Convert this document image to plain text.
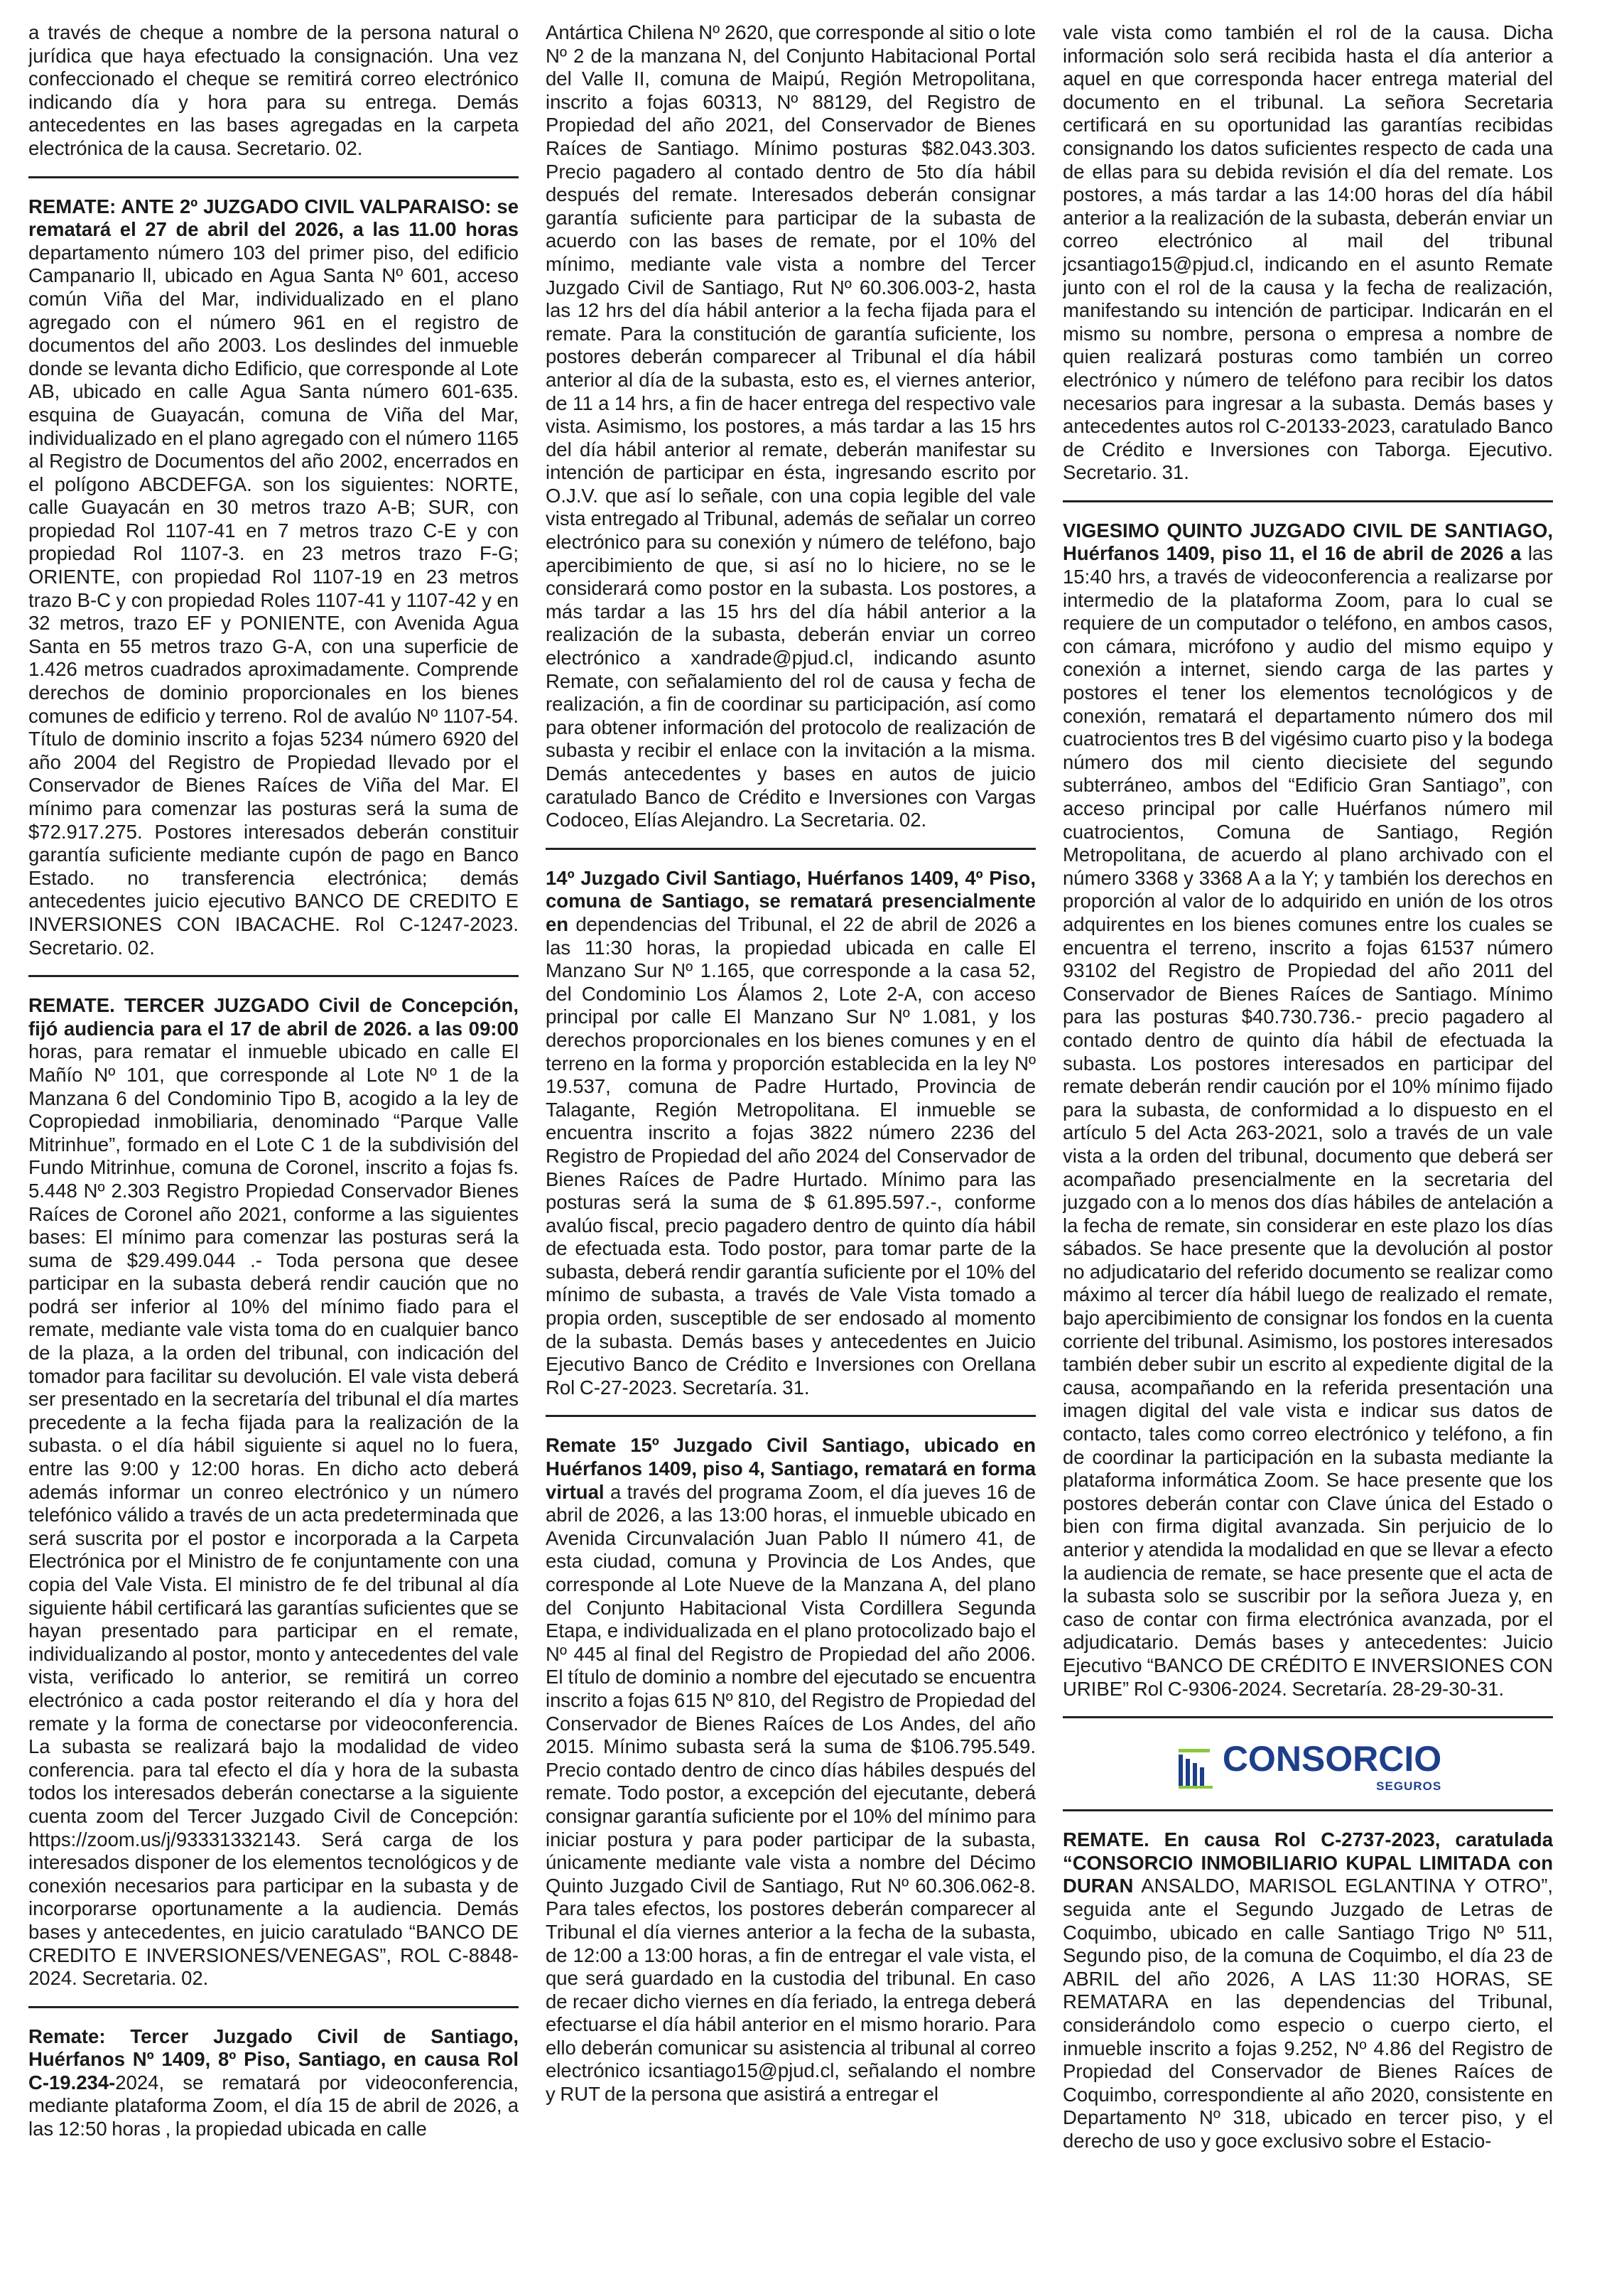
a través de cheque a nombre de la persona natural o jurídica que haya efectuado la consignación. Una vez confeccionado el cheque se remitirá correo electrónico indicando día y hora para su entrega. Demás antecedentes en las bases agregadas en la carpeta electrónica de la causa. Secretario. 02.

REMATE: ANTE 2º JUZGADO CIVIL VALPARAISO: se rematará el 27 de abril del 2026, a las 11.00 horas departamento número 103 del primer piso, del edificio Campanario ll, ubicado en Agua Santa Nº 601, acceso común Viña del Mar, individualizado en el plano agregado con el número 961 en el registro de documentos del año 2003. Los deslindes del inmueble donde se levanta dicho Edificio, que corresponde al Lote AB, ubicado en calle Agua Santa número 601-635. esquina de Guayacán, comuna de Viña del Mar, individualizado en el plano agregado con el número 1165 al Registro de Documentos del año 2002, encerrados en el polígono ABCDEFGA. son los siguientes: NORTE, calle Guayacán en 30 metros trazo A-B; SUR, con propiedad Rol 1107-41 en 7 metros trazo C-E y con propiedad Rol 1107-3. en 23 metros trazo F-G; ORIENTE, con propiedad Rol 1107-19 en 23 metros trazo B-C y con propiedad Roles 1107-41 y 1107-42 y en 32 metros, trazo EF y PONIENTE, con Avenida Agua Santa en 55 metros trazo G-A, con una superficie de 1.426 metros cuadrados aproximadamente. Comprende derechos de dominio proporcionales en los bienes comunes de edificio y terreno. Rol de avalúo Nº 1107-54. Título de dominio inscrito a fojas 5234 número 6920 del año 2004 del Registro de Propiedad llevado por el Conservador de Bienes Raíces de Viña del Mar. El mínimo para comenzar las posturas será la suma de $72.917.275. Postores interesados deberán constituir garantía suficiente mediante cupón de pago en Banco Estado. no transferencia electrónica; demás antecedentes juicio ejecutivo BANCO DE CREDITO E INVERSIONES CON IBACACHE. Rol C-1247-2023. Secretario. 02.

REMATE. TERCER JUZGADO Civil de Concepción, fijó audiencia para el 17 de abril de 2026. a las 09:00 horas, para rematar el inmueble ubicado en calle El Mañío Nº 101, que corresponde al Lote Nº 1 de la Manzana 6 del Condominio Tipo B, acogido a la ley de Copropiedad inmobiliaria, denominado “Parque Valle Mitrinhue”, formado en el Lote C 1 de la subdivisión del Fundo Mitrinhue, comuna de Coronel, inscrito a fojas fs. 5.448 Nº 2.303 Registro Propiedad Conservador Bienes Raíces de Coronel año 2021, conforme a las siguientes bases: El mínimo para comenzar las posturas será la suma de $29.499.044 .- Toda persona que desee participar en la subasta deberá rendir caución que no podrá ser inferior al 10% del mínimo fiado para el remate, mediante vale vista toma do en cualquier banco de la plaza, a la orden del tribunal, con indicación del tomador para facilitar su devolución. El vale vista deberá ser presentado en la secretaría del tribunal el día martes precedente a la fecha fijada para la realización de la subasta. o el día hábil siguiente si aquel no lo fuera, entre las 9:00 y 12:00 horas. En dicho acto deberá además informar un conreo electrónico y un número telefónico válido a través de un acta predeterminada que será suscrita por el postor e incorporada a la Carpeta Electrónica por el Ministro de fe conjuntamente con una copia del Vale Vista. El ministro de fe del tribunal al día siguiente hábil certificará las garantías suficientes que se hayan presentado para participar en el remate, individualizando al postor, monto y antecedentes del vale vista, verificado lo anterior, se remitirá un correo electrónico a cada postor reiterando el día y hora del remate y la forma de conectarse por videoconferencia. La subasta se realizará bajo la modalidad de video conferencia. para tal efecto el día y hora de la subasta todos los interesados deberán conectarse a la siguiente cuenta zoom del Tercer Juzgado Civil de Concepción: https://zoom.us/j/93331332143. Será carga de los interesados disponer de los elementos tecnológicos y de conexión necesarios para participar en la subasta y de incorporarse oportunamente a la audiencia. Demás bases y antecedentes, en juicio caratulado “BANCO DE CREDITO E INVERSIONES/VENEGAS”, ROL C-8848-2024. Secretaria. 02.

Remate: Tercer Juzgado Civil de Santiago, Huérfanos Nº 1409, 8º Piso, Santiago, en causa Rol C-19.234-2024, se rematará por videoconferencia, mediante plataforma Zoom, el día 15 de abril de 2026, a las 12:50 horas , la propiedad ubicada en calle

Antártica Chilena Nº 2620, que corresponde al sitio o lote Nº 2 de la manzana N, del Conjunto Habitacional Portal del Valle II, comuna de Maipú, Región Metropolitana, inscrito a fojas 60313, Nº 88129, del Registro de Propiedad del año 2021, del Conservador de Bienes Raíces de Santiago. Mínimo posturas $82.043.303. Precio pagadero al contado dentro de 5to día hábil después del remate. Interesados deberán consignar garantía suficiente para participar de la subasta de acuerdo con las bases de remate, por el 10% del mínimo, mediante vale vista a nombre del Tercer Juzgado Civil de Santiago, Rut Nº 60.306.003-2, hasta las 12 hrs del día hábil anterior a la fecha fijada para el remate. Para la constitución de garantía suficiente, los postores deberán comparecer al Tribunal el día hábil anterior al día de la subasta, esto es, el viernes anterior, de 11 a 14 hrs, a fin de hacer entrega del respectivo vale vista. Asimismo, los postores, a más tardar a las 15 hrs del día hábil anterior al remate, deberán manifestar su intención de participar en ésta, ingresando escrito por O.J.V. que así lo señale, con una copia legible del vale vista entregado al Tribunal, además de señalar un correo electrónico para su conexión y número de teléfono, bajo apercibimiento de que, si así no lo hiciere, no se le considerará como postor en la subasta. Los postores, a más tardar a las 15 hrs del día hábil anterior a la realización de la subasta, deberán enviar un correo electrónico a xandrade@pjud.cl, indicando asunto Remate, con señalamiento del rol de causa y fecha de realización, a fin de coordinar su participación, así como para obtener información del protocolo de realización de subasta y recibir el enlace con la invitación a la misma. Demás antecedentes y bases en autos de juicio caratulado Banco de Crédito e Inversiones con Vargas Codoceo, Elías Alejandro. La Secretaria. 02.

14º Juzgado Civil Santiago, Huérfanos 1409, 4º Piso, comuna de Santiago, se rematará presencialmente en dependencias del Tribunal, el 22 de abril de 2026 a las 11:30 horas, la propiedad ubicada en calle El Manzano Sur Nº 1.165, que corresponde a la casa 52, del Condominio Los Álamos 2, Lote 2-A, con acceso principal por calle El Manzano Sur Nº 1.081, y los derechos proporcionales en los bienes comunes y en el terreno en la forma y proporción establecida en la ley Nº 19.537, comuna de Padre Hurtado, Provincia de Talagante, Región Metropolitana. El inmueble se encuentra inscrito a fojas 3822 número 2236 del Registro de Propiedad del año 2024 del Conservador de Bienes Raíces de Padre Hurtado. Mínimo para las posturas será la suma de $ 61.895.597.-, conforme avalúo fiscal, precio pagadero dentro de quinto día hábil de efectuada esta. Todo postor, para tomar parte de la subasta, deberá rendir garantía suficiente por el 10% del mínimo de subasta, a través de Vale Vista tomado a propia orden, susceptible de ser endosado al momento de la subasta. Demás bases y antecedentes en Juicio Ejecutivo Banco de Crédito e Inversiones con Orellana Rol C-27-2023. Secretaría. 31.

Remate 15º Juzgado Civil Santiago, ubicado en Huérfanos 1409, piso 4, Santiago, rematará en forma virtual a través del programa Zoom, el día jueves 16 de abril de 2026, a las 13:00 horas, el inmueble ubicado en Avenida Circunvalación Juan Pablo II número 41, de esta ciudad, comuna y Provincia de Los Andes, que corresponde al Lote Nueve de la Manzana A, del plano del Conjunto Habitacional Vista Cordillera Segunda Etapa, e individualizada en el plano protocolizado bajo el Nº 445 al final del Registro de Propiedad del año 2006. El título de dominio a nombre del ejecutado se encuentra inscrito a fojas 615 Nº 810, del Registro de Propiedad del Conservador de Bienes Raíces de Los Andes, del año 2015. Mínimo subasta será la suma de $106.795.549. Precio contado dentro de cinco días hábiles después del remate. Todo postor, a excepción del ejecutante, deberá consignar garantía suficiente por el 10% del mínimo para iniciar postura y para poder participar de la subasta, únicamente mediante vale vista a nombre del Décimo Quinto Juzgado Civil de Santiago, Rut Nº 60.306.062-8. Para tales efectos, los postores deberán comparecer al Tribunal el día viernes anterior a la fecha de la subasta, de 12:00 a 13:00 horas, a fin de entregar el vale vista, el que será guardado en la custodia del tribunal. En caso de recaer dicho viernes en día feriado, la entrega deberá efectuarse el día hábil anterior en el mismo horario. Para ello deberán comunicar su asistencia al tribunal al correo electrónico icsantiago15@pjud.cl, señalando el nombre y RUT de la persona que asistirá a entregar el

vale vista como también el rol de la causa. Dicha información solo será recibida hasta el día anterior a aquel en que corresponda hacer entrega material del documento en el tribunal. La señora Secretaria certificará en su oportunidad las garantías recibidas consignando los datos suficientes respecto de cada una de ellas para su debida revisión el día del remate. Los postores, a más tardar a las 14:00 horas del día hábil anterior a la realización de la subasta, deberán enviar un correo electrónico al mail del tribunal jcsantiago15@pjud.cl, indicando en el asunto Remate junto con el rol de la causa y la fecha de realización, manifestando su intención de participar. Indicarán en el mismo su nombre, persona o empresa a nombre de quien realizará posturas como también un correo electrónico y número de teléfono para recibir los datos necesarios para ingresar a la subasta. Demás bases y antecedentes autos rol C-20133-2023, caratulado Banco de Crédito e Inversiones con Taborga. Ejecutivo. Secretario. 31.

VIGESIMO QUINTO JUZGADO CIVIL DE SANTIAGO, Huérfanos 1409, piso 11, el 16 de abril de 2026 a las 15:40 hrs, a través de videoconferencia a realizarse por intermedio de la plataforma Zoom, para lo cual se requiere de un computador o teléfono, en ambos casos, con cámara, micrófono y audio del mismo equipo y conexión a internet, siendo carga de las partes y postores el tener los elementos tecnológicos y de conexión, rematará el departamento número dos mil cuatrocientos tres B del vigésimo cuarto piso y la bodega número dos mil ciento diecisiete del segundo subterráneo, ambos del “Edificio Gran Santiago”, con acceso principal por calle Huérfanos número mil cuatrocientos, Comuna de Santiago, Región Metropolitana, de acuerdo al plano archivado con el número 3368 y 3368 A a la Y; y también los derechos en proporción al valor de lo adquirido en unión de los otros adquirentes en los bienes comunes entre los cuales se encuentra el terreno, inscrito a fojas 61537 número 93102 del Registro de Propiedad del año 2011 del Conservador de Bienes Raíces de Santiago. Mínimo para las posturas $40.730.736.- precio pagadero al contado dentro de quinto día hábil de efectuada la subasta. Los postores interesados en participar del remate deberán rendir caución por el 10% mínimo fijado para la subasta, de conformidad a lo dispuesto en el artículo 5 del Acta 263-2021, solo a través de un vale vista a la orden del tribunal, documento que deberá ser acompañado presencialmente en la secretaria del juzgado con a lo menos dos días hábiles de antelación a la fecha de remate, sin considerar en este plazo los días sábados. Se hace presente que la devolución al postor no adjudicatario del referido documento se realizar como máximo al tercer día hábil luego de realizado el remate, bajo apercibimiento de consignar los fondos en la cuenta corriente del tribunal. Asimismo, los postores interesados también deber subir un escrito al expediente digital de la causa, acompañando en la referida presentación una imagen digital del vale vista e indicar sus datos de contacto, tales como correo electrónico y teléfono, a fin de coordinar la participación en la subasta mediante la plataforma informática Zoom. Se hace presente que los postores deberán contar con Clave única del Estado o bien con firma digital avanzada. Sin perjuicio de lo anterior y atendida la modalidad en que se llevar a efecto la audiencia de remate, se hace presente que el acta de la subasta solo se suscribir por la señora Jueza y, en caso de contar con firma electrónica avanzada, por el adjudicatario. Demás bases y antecedentes: Juicio Ejecutivo “BANCO DE CRÉDITO E INVERSIONES CON URIBE” Rol C-9306-2024. Secretaría. 28-29-30-31.

CONSORCIO
SEGUROS

REMATE. En causa Rol C-2737-2023, caratulada “CONSORCIO INMOBILIARIO KUPAL LIMITADA con DURAN ANSALDO, MARISOL EGLANTINA Y OTRO”, seguida ante el Segundo Juzgado de Letras de Coquimbo, ubicado en calle Santiago Trigo Nº 511, Segundo piso, de la comuna de Coquimbo, el día 23 de ABRIL del año 2026, A LAS 11:30 HORAS, SE REMATARA en las dependencias del Tribunal, considerándolo como especio o cuerpo cierto, el inmueble inscrito a fojas 9.252, Nº 4.86 del Registro de Propiedad del Conservador de Bienes Raíces de Coquimbo, correspondiente al año 2020, consistente en Departamento Nº 318, ubicado en tercer piso, y el derecho de uso y goce exclusivo sobre el Estacio-
